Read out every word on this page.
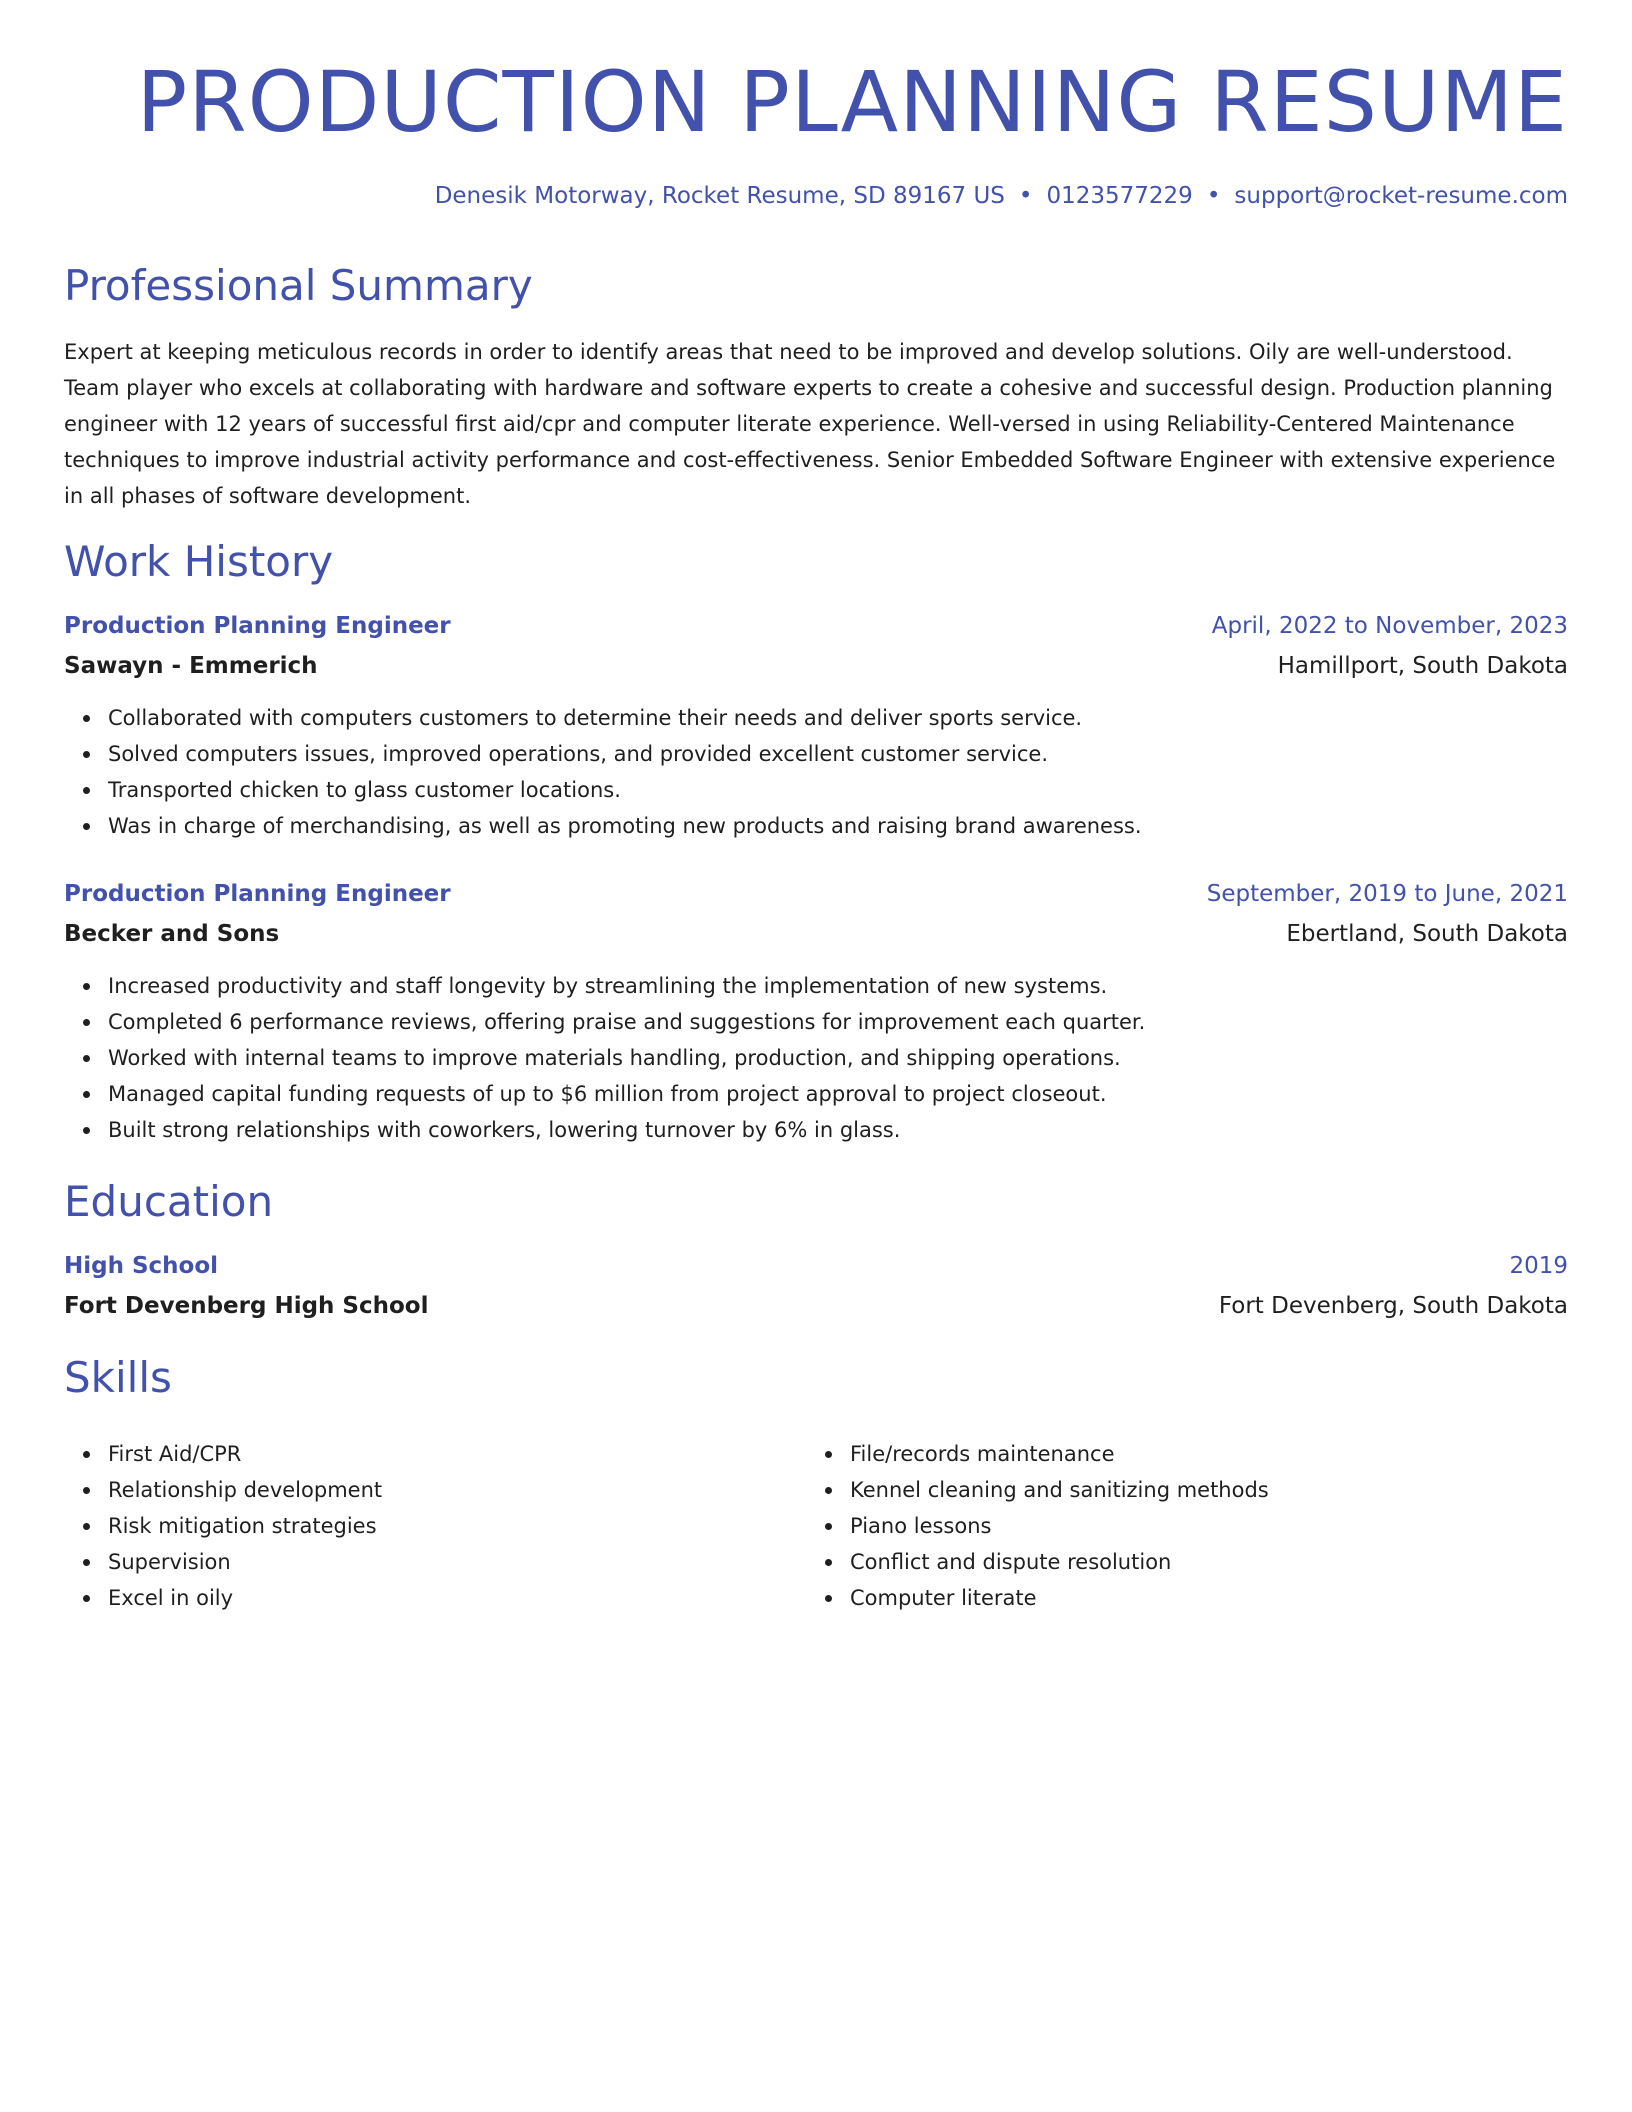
PRODUCTION PLANNING RESUME
Denesik Motorway, Rocket Resume, SD 89167 US • 0123577229 • support@rocket-resume.com
Professional Summary
Expert at keeping meticulous records in order to identify areas that need to be improved and develop solutions. Oily are well-understood. Team player who excels at collaborating with hardware and software experts to create a cohesive and successful design. Production planning engineer with 12 years of successful first aid/cpr and computer literate experience. Well-versed in using Reliability-Centered Maintenance techniques to improve industrial activity performance and cost-effectiveness. Senior Embedded Software Engineer with extensive experience in all phases of software development.
Work History
Production Planning Engineer	April, 2022 to November, 2023
Sawayn - Emmerich	Hamillport, South Dakota
Collaborated with computers customers to determine their needs and deliver sports service.
Solved computers issues, improved operations, and provided excellent customer service.
Transported chicken to glass customer locations.
Was in charge of merchandising, as well as promoting new products and raising brand awareness.
Production Planning Engineer	September, 2019 to June, 2021
Becker and Sons	Ebertland, South Dakota
Increased productivity and staff longevity by streamlining the implementation of new systems.
Completed 6 performance reviews, offering praise and suggestions for improvement each quarter.
Worked with internal teams to improve materials handling, production, and shipping operations.
Managed capital funding requests of up to $6 million from project approval to project closeout.
Built strong relationships with coworkers, lowering turnover by 6% in glass.
Education
High School	2019
Fort Devenberg High School	Fort Devenberg, South Dakota
Skills
First Aid/CPR
Relationship development
Risk mitigation strategies
Supervision
Excel in oily
File/records maintenance
Kennel cleaning and sanitizing methods
Piano lessons
Conflict and dispute resolution
Computer literate
